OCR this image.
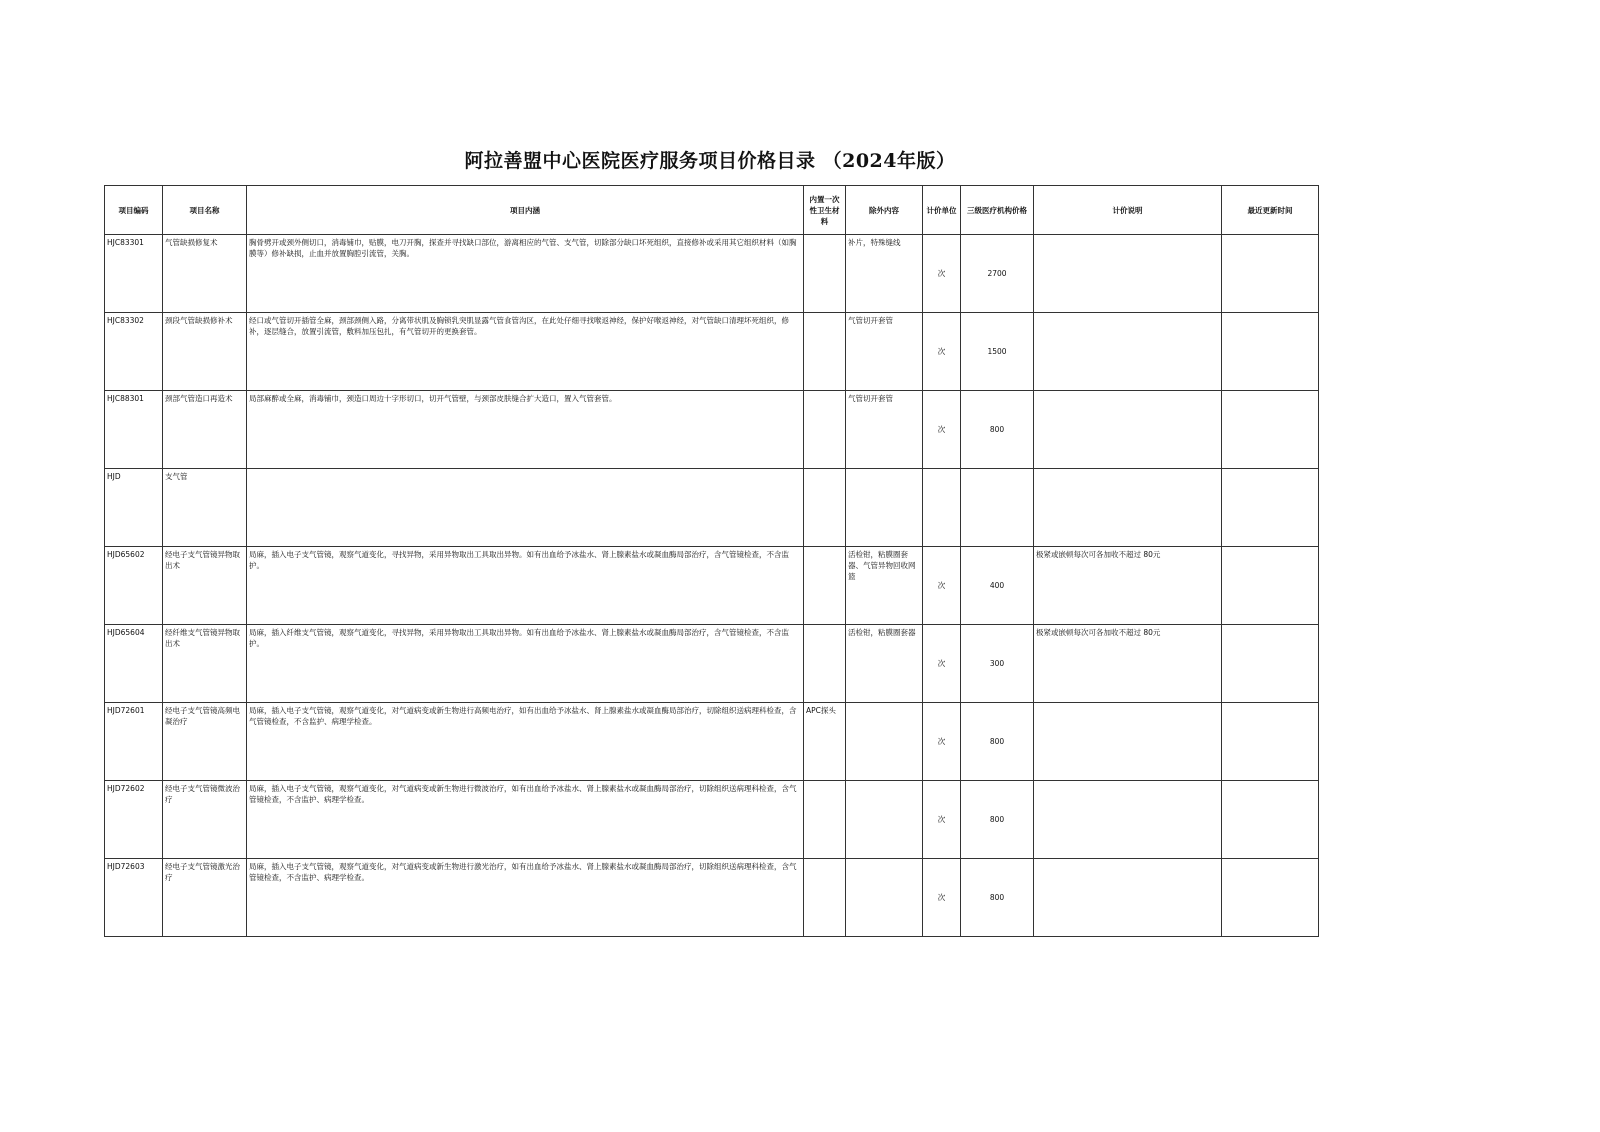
阿拉善盟中心医院医疗服务项目价格目录 （2024年版）
项目编码	项目名称	项目内涵	内置一次性卫生材料	除外内容	计价单位	三级医疗机构价格	计价说明	最近更新时间
HJC83301	气管缺损修复术	胸骨劈开或颈外侧切口，消毒铺巾，贴膜，电刀开胸，探查并寻找缺口部位，游离相应的气管、支气管，切除部分缺口坏死组织，直接修补或采用其它组织材料（如胸膜等）修补缺损，止血并放置胸腔引流管，关胸。		补片，特殊缝线	次	2700		
HJC83302	颈段气管缺损修补术	经口或气管切开插管全麻，颈部颈侧入路，分离带状肌及胸锁乳突肌显露气管食管沟区，在此处仔细寻找喉返神经，保护好喉返神经，对气管缺口清理坏死组织，修补，逐层缝合，放置引流管，敷料加压包扎，有气管切开的更换套管。		气管切开套管	次	1500		
HJC88301	颈部气管造口再造术	局部麻醉或全麻，消毒铺巾，颈造口周边十字形切口，切开气管壁，与颈部皮肤缝合扩大造口，置入气管套管。		气管切开套管	次	800		
HJD	支气管							
HJD65602	经电子支气管镜异物取出术	局麻，插入电子支气管镜，观察气道变化，寻找异物，采用异物取出工具取出异物。如有出血给予冰盐水、肾上腺素盐水或凝血酶局部治疗，含气管镜检查，不含监护。		活检钳，粘膜圈套器、气管异物回收网篮	次	400	极紧或嵌顿每次可各加收不超过 80元	
HJD65604	经纤维支气管镜异物取出术	局麻，插入纤维支气管镜，观察气道变化，寻找异物，采用异物取出工具取出异物。如有出血给予冰盐水、肾上腺素盐水或凝血酶局部治疗，含气管镜检查，不含监护。		活检钳，粘膜圈套器	次	300	极紧或嵌顿每次可各加收不超过 80元	
HJD72601	经电子支气管镜高频电凝治疗	局麻，插入电子支气管镜，观察气道变化，对气道病变或新生物进行高频电治疗，如有出血给予冰盐水、肾上腺素盐水或凝血酶局部治疗，切除组织送病理科检查，含气管镜检查，不含监护、病理学检查。	APC探头		次	800		
HJD72602	经电子支气管镜微波治疗	局麻，插入电子支气管镜，观察气道变化，对气道病变或新生物进行微波治疗，如有出血给予冰盐水、肾上腺素盐水或凝血酶局部治疗，切除组织送病理科检查，含气管镜检查，不含监护、病理学检查。			次	800		
HJD72603	经电子支气管镜激光治疗	局麻，插入电子支气管镜，观察气道变化，对气道病变或新生物进行激光治疗，如有出血给予冰盐水、肾上腺素盐水或凝血酶局部治疗，切除组织送病理科检查，含气管镜检查，不含监护、病理学检查。			次	800		
